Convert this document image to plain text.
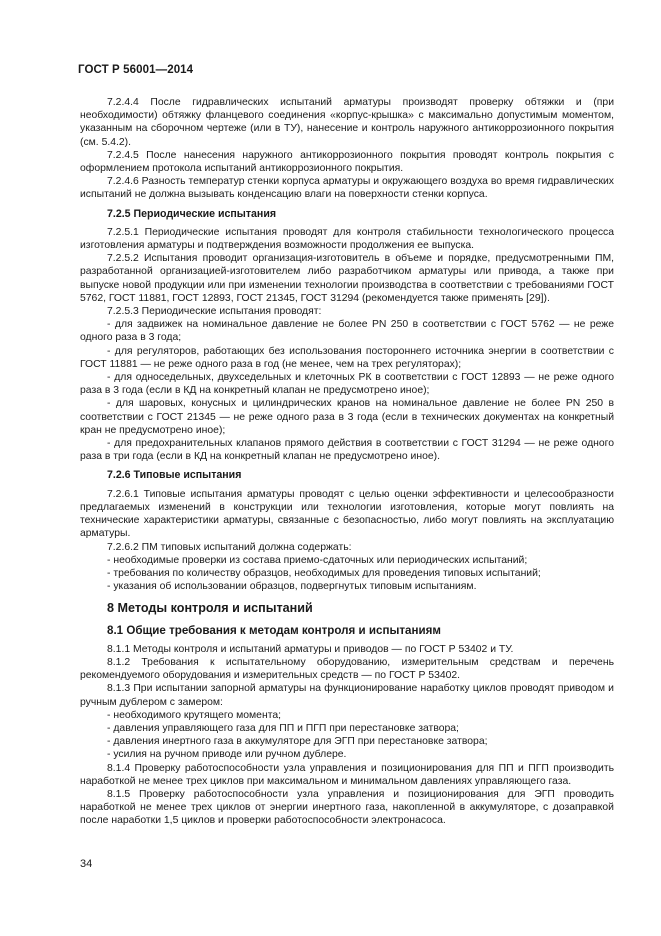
ГОСТ Р 56001—2014

7.2.4.4 После гидравлических испытаний арматуры производят проверку обтяжки и (при необходимости) обтяжку фланцевого соединения «корпус-крышка» с максимально допустимым моментом, указанным на сборочном чертеже (или в ТУ), нанесение и контроль наружного антикоррозионного покрытия (см. 5.4.2).

7.2.4.5 После нанесения наружного антикоррозионного покрытия проводят контроль покрытия с оформлением протокола испытаний антикоррозионного покрытия.

7.2.4.6 Разность температур стенки корпуса арматуры и окружающего воздуха во время гидравлических испытаний не должна вызывать конденсацию влаги на поверхности стенки корпуса.

7.2.5 Периодические испытания

7.2.5.1 Периодические испытания проводят для контроля стабильности технологического процесса изготовления арматуры и подтверждения возможности продолжения ее выпуска.

7.2.5.2 Испытания проводит организация-изготовитель в объеме и порядке, предусмотренными ПМ, разработанной организацией-изготовителем либо разработчиком арматуры или привода, а также при выпуске новой продукции или при изменении технологии производства в соответствии с требованиями ГОСТ 5762, ГОСТ 11881, ГОСТ 12893, ГОСТ 21345, ГОСТ 31294 (рекомендуется также применять [29]).

7.2.5.3 Периодические испытания проводят:

- для задвижек на номинальное давление не более PN 250 в соответствии с ГОСТ 5762 — не реже одного раза в 3 года;

- для регуляторов, работающих без использования постороннего источника энергии в соответствии с ГОСТ 11881 — не реже одного раза в год (не менее, чем на трех регуляторах);

- для односедельных, двухседельных и клеточных РК в соответствии с ГОСТ 12893 — не реже одного раза в 3 года (если в КД на конкретный клапан не предусмотрено иное);

- для шаровых, конусных и цилиндрических кранов на номинальное давление не более PN 250 в соответствии с ГОСТ 21345 — не реже одного раза в 3 года (если в технических документах на конкретный кран не предусмотрено иное);

- для предохранительных клапанов прямого действия в соответствии с ГОСТ 31294 — не реже одного раза в три года (если в КД на конкретный клапан не предусмотрено иное).

7.2.6 Типовые испытания

7.2.6.1 Типовые испытания арматуры проводят с целью оценки эффективности и целесообразности предлагаемых изменений в конструкции или технологии изготовления, которые могут повлиять на технические характеристики арматуры, связанные с безопасностью, либо могут повлиять на эксплуатацию арматуры.

7.2.6.2 ПМ типовых испытаний должна содержать:

- необходимые проверки из состава приемо-сдаточных или периодических испытаний;

- требования по количеству образцов, необходимых для проведения типовых испытаний;

- указания об использовании образцов, подвергнутых типовым испытаниям.

8 Методы контроля и испытаний
8.1 Общие требования к методам контроля и испытаниям

8.1.1 Методы контроля и испытаний арматуры и приводов — по ГОСТ Р 53402 и ТУ.

8.1.2 Требования к испытательному оборудованию, измерительным средствам и перечень рекомендуемого оборудования и измерительных средств — по ГОСТ Р 53402.

8.1.3 При испытании запорной арматуры на функционирование наработку циклов проводят приводом и ручным дублером с замером:

- необходимого крутящего момента;

- давления управляющего газа для ПП и ПГП при перестановке затвора;

- давления инертного газа в аккумуляторе для ЭГП при перестановке затвора;

- усилия на ручном приводе или ручном дублере.

8.1.4 Проверку работоспособности узла управления и позиционирования для ПП и ПГП производить наработкой не менее трех циклов при максимальном и минимальном давлениях управляющего газа.

8.1.5 Проверку работоспособности узла управления и позиционирования для ЭГП проводить наработкой не менее трех циклов от энергии инертного газа, накопленной в аккумуляторе, с дозаправкой после наработки 1,5 циклов и проверки работоспособности электронасоса.

34
